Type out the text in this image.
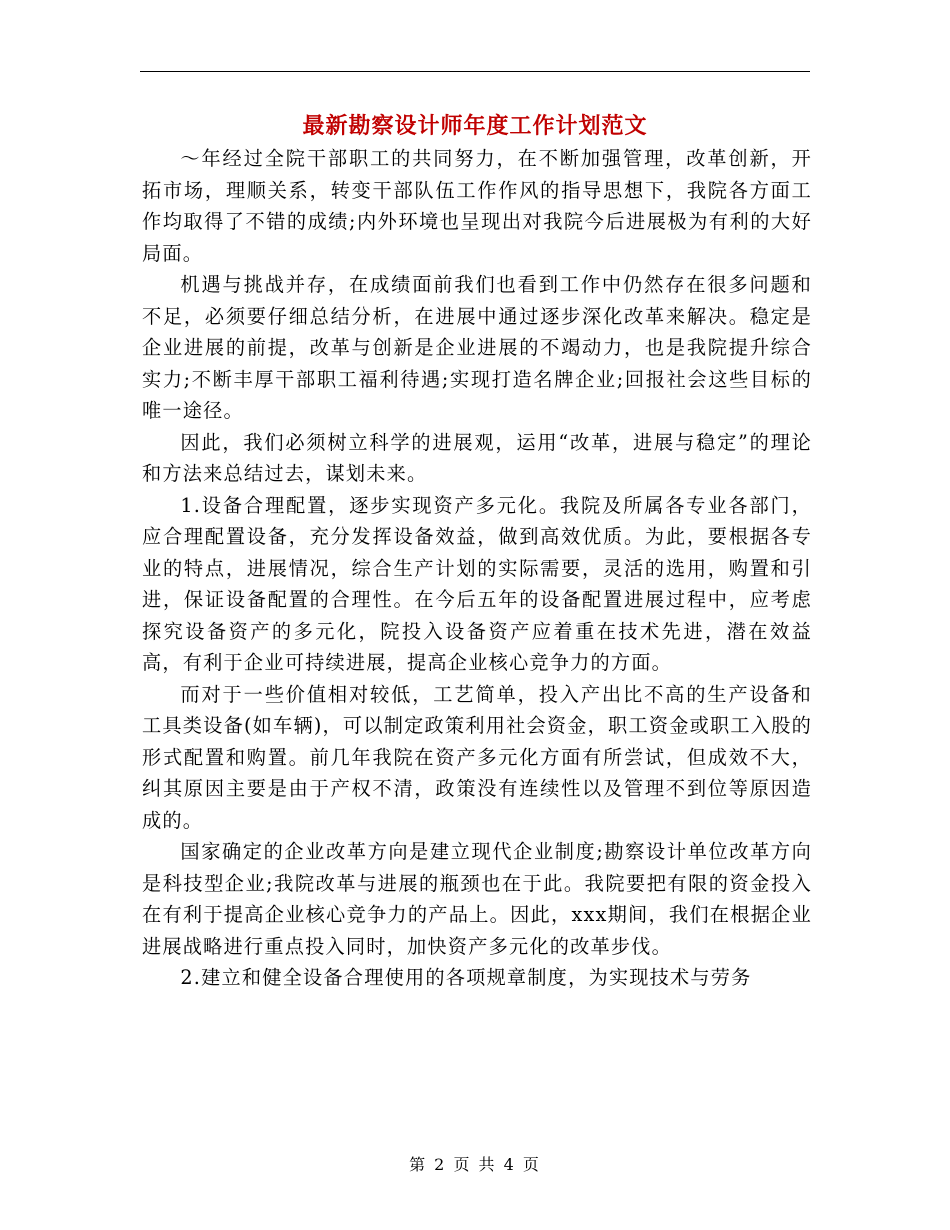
最新勘察设计师年度工作计划范文

～年经过全院干部职工的共同努力，在不断加强管理，改革创新，开拓市场，理顺关系，转变干部队伍工作作风的指导思想下，我院各方面工作均取得了不错的成绩;内外环境也呈现出对我院今后进展极为有利的大好局面。

机遇与挑战并存，在成绩面前我们也看到工作中仍然存在很多问题和不足，必须要仔细总结分析，在进展中通过逐步深化改革来解决。稳定是企业进展的前提，改革与创新是企业进展的不竭动力，也是我院提升综合实力;不断丰厚干部职工福利待遇;实现打造名牌企业;回报社会这些目标的唯一途径。

因此，我们必须树立科学的进展观，运用“改革，进展与稳定”的理论和方法来总结过去，谋划未来。

1.设备合理配置，逐步实现资产多元化。我院及所属各专业各部门，应合理配置设备，充分发挥设备效益，做到高效优质。为此，要根据各专业的特点，进展情况，综合生产计划的实际需要，灵活的选用，购置和引进，保证设备配置的合理性。在今后五年的设备配置进展过程中，应考虑探究设备资产的多元化，院投入设备资产应着重在技术先进，潜在效益高，有利于企业可持续进展，提高企业核心竞争力的方面。

而对于一些价值相对较低，工艺简单，投入产出比不高的生产设备和工具类设备(如车辆)，可以制定政策利用社会资金，职工资金或职工入股的形式配置和购置。前几年我院在资产多元化方面有所尝试，但成效不大，纠其原因主要是由于产权不清，政策没有连续性以及管理不到位等原因造成的。

国家确定的企业改革方向是建立现代企业制度;勘察设计单位改革方向是科技型企业;我院改革与进展的瓶颈也在于此。我院要把有限的资金投入在有利于提高企业核心竞争力的产品上。因此，xxx期间，我们在根据企业进展战略进行重点投入同时，加快资产多元化的改革步伐。

2.建立和健全设备合理使用的各项规章制度，为实现技术与劳务

第 2 页 共 4 页
